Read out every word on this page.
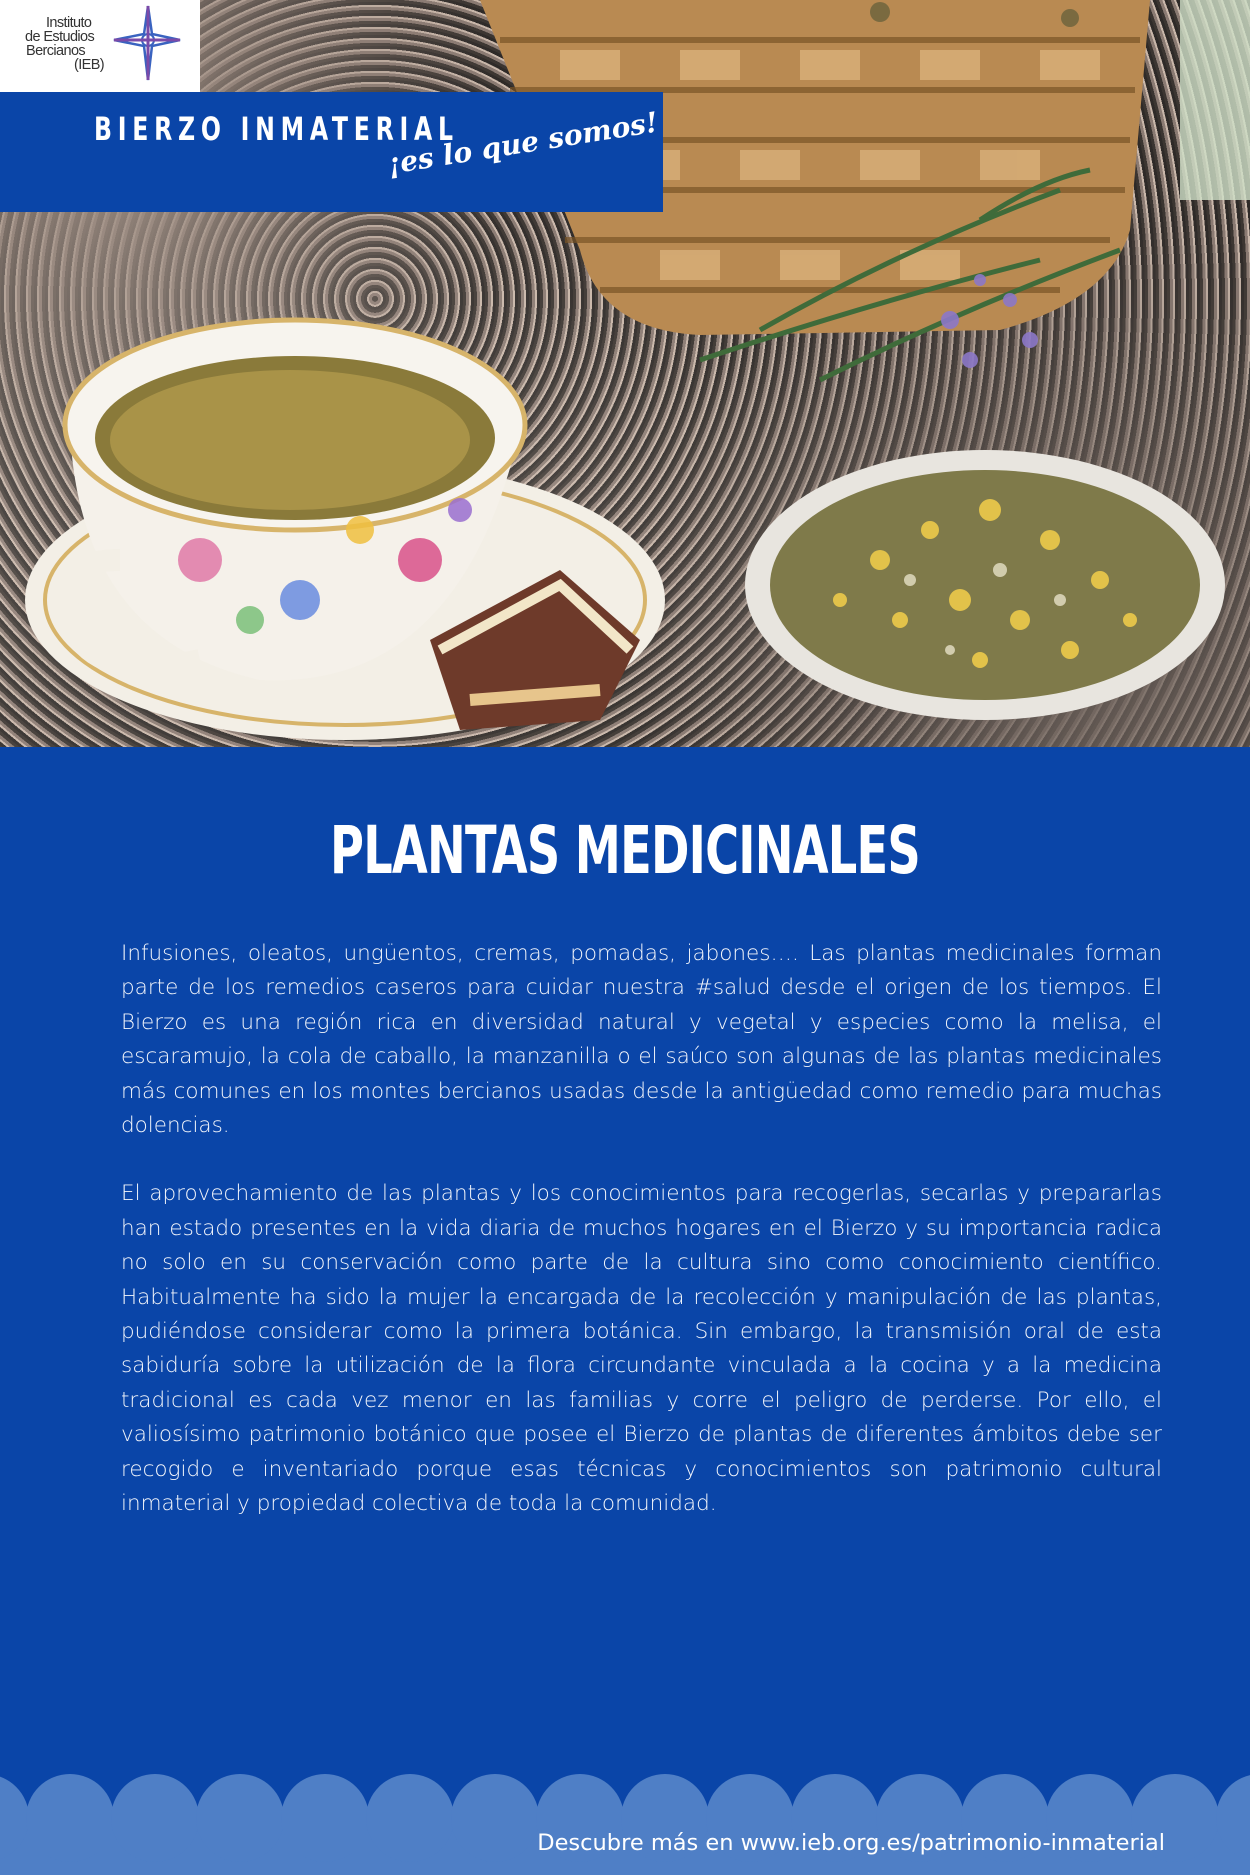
Instituto
de Estudios
Bercianos
(IEB)
BIERZO INMATERIAL
¡es lo que somos!
PLANTAS MEDICINALES

Infusiones, oleatos, ungüentos, cremas, pomadas, jabones…. Las plantas medicinales forman parte de los remedios caseros para cuidar nuestra #salud desde el origen de los tiempos. El Bierzo es una región rica en diversidad natural y vegetal y especies como la melisa, el escaramujo, la cola de caballo, la manzanilla o el saúco son algunas de las plantas medicinales más comunes en los montes bercianos usadas desde la antigüedad como remedio para muchas dolencias.

El aprovechamiento de las plantas y los conocimientos para recogerlas, secarlas y prepararlas han estado presentes en la vida diaria de muchos hogares en el Bierzo y su importancia radica no solo en su conservación como parte de la cultura sino como conocimiento científico. Habitualmente ha sido la mujer la encargada de la recolección y manipulación de las plantas, pudiéndose considerar como la primera botánica. Sin embargo, la transmisión oral de esta sabiduría sobre la utilización de la flora circundante vinculada a la cocina y a la medicina tradicional es cada vez menor en las familias y corre el peligro de perderse. Por ello, el valiosísimo patrimonio botánico que posee el Bierzo de plantas de diferentes ámbitos debe ser recogido e inventariado porque esas técnicas y conocimientos son patrimonio cultural inmaterial y propiedad colectiva de toda la comunidad.

Descubre más en www.ieb.org.es/patrimonio-inmaterial
